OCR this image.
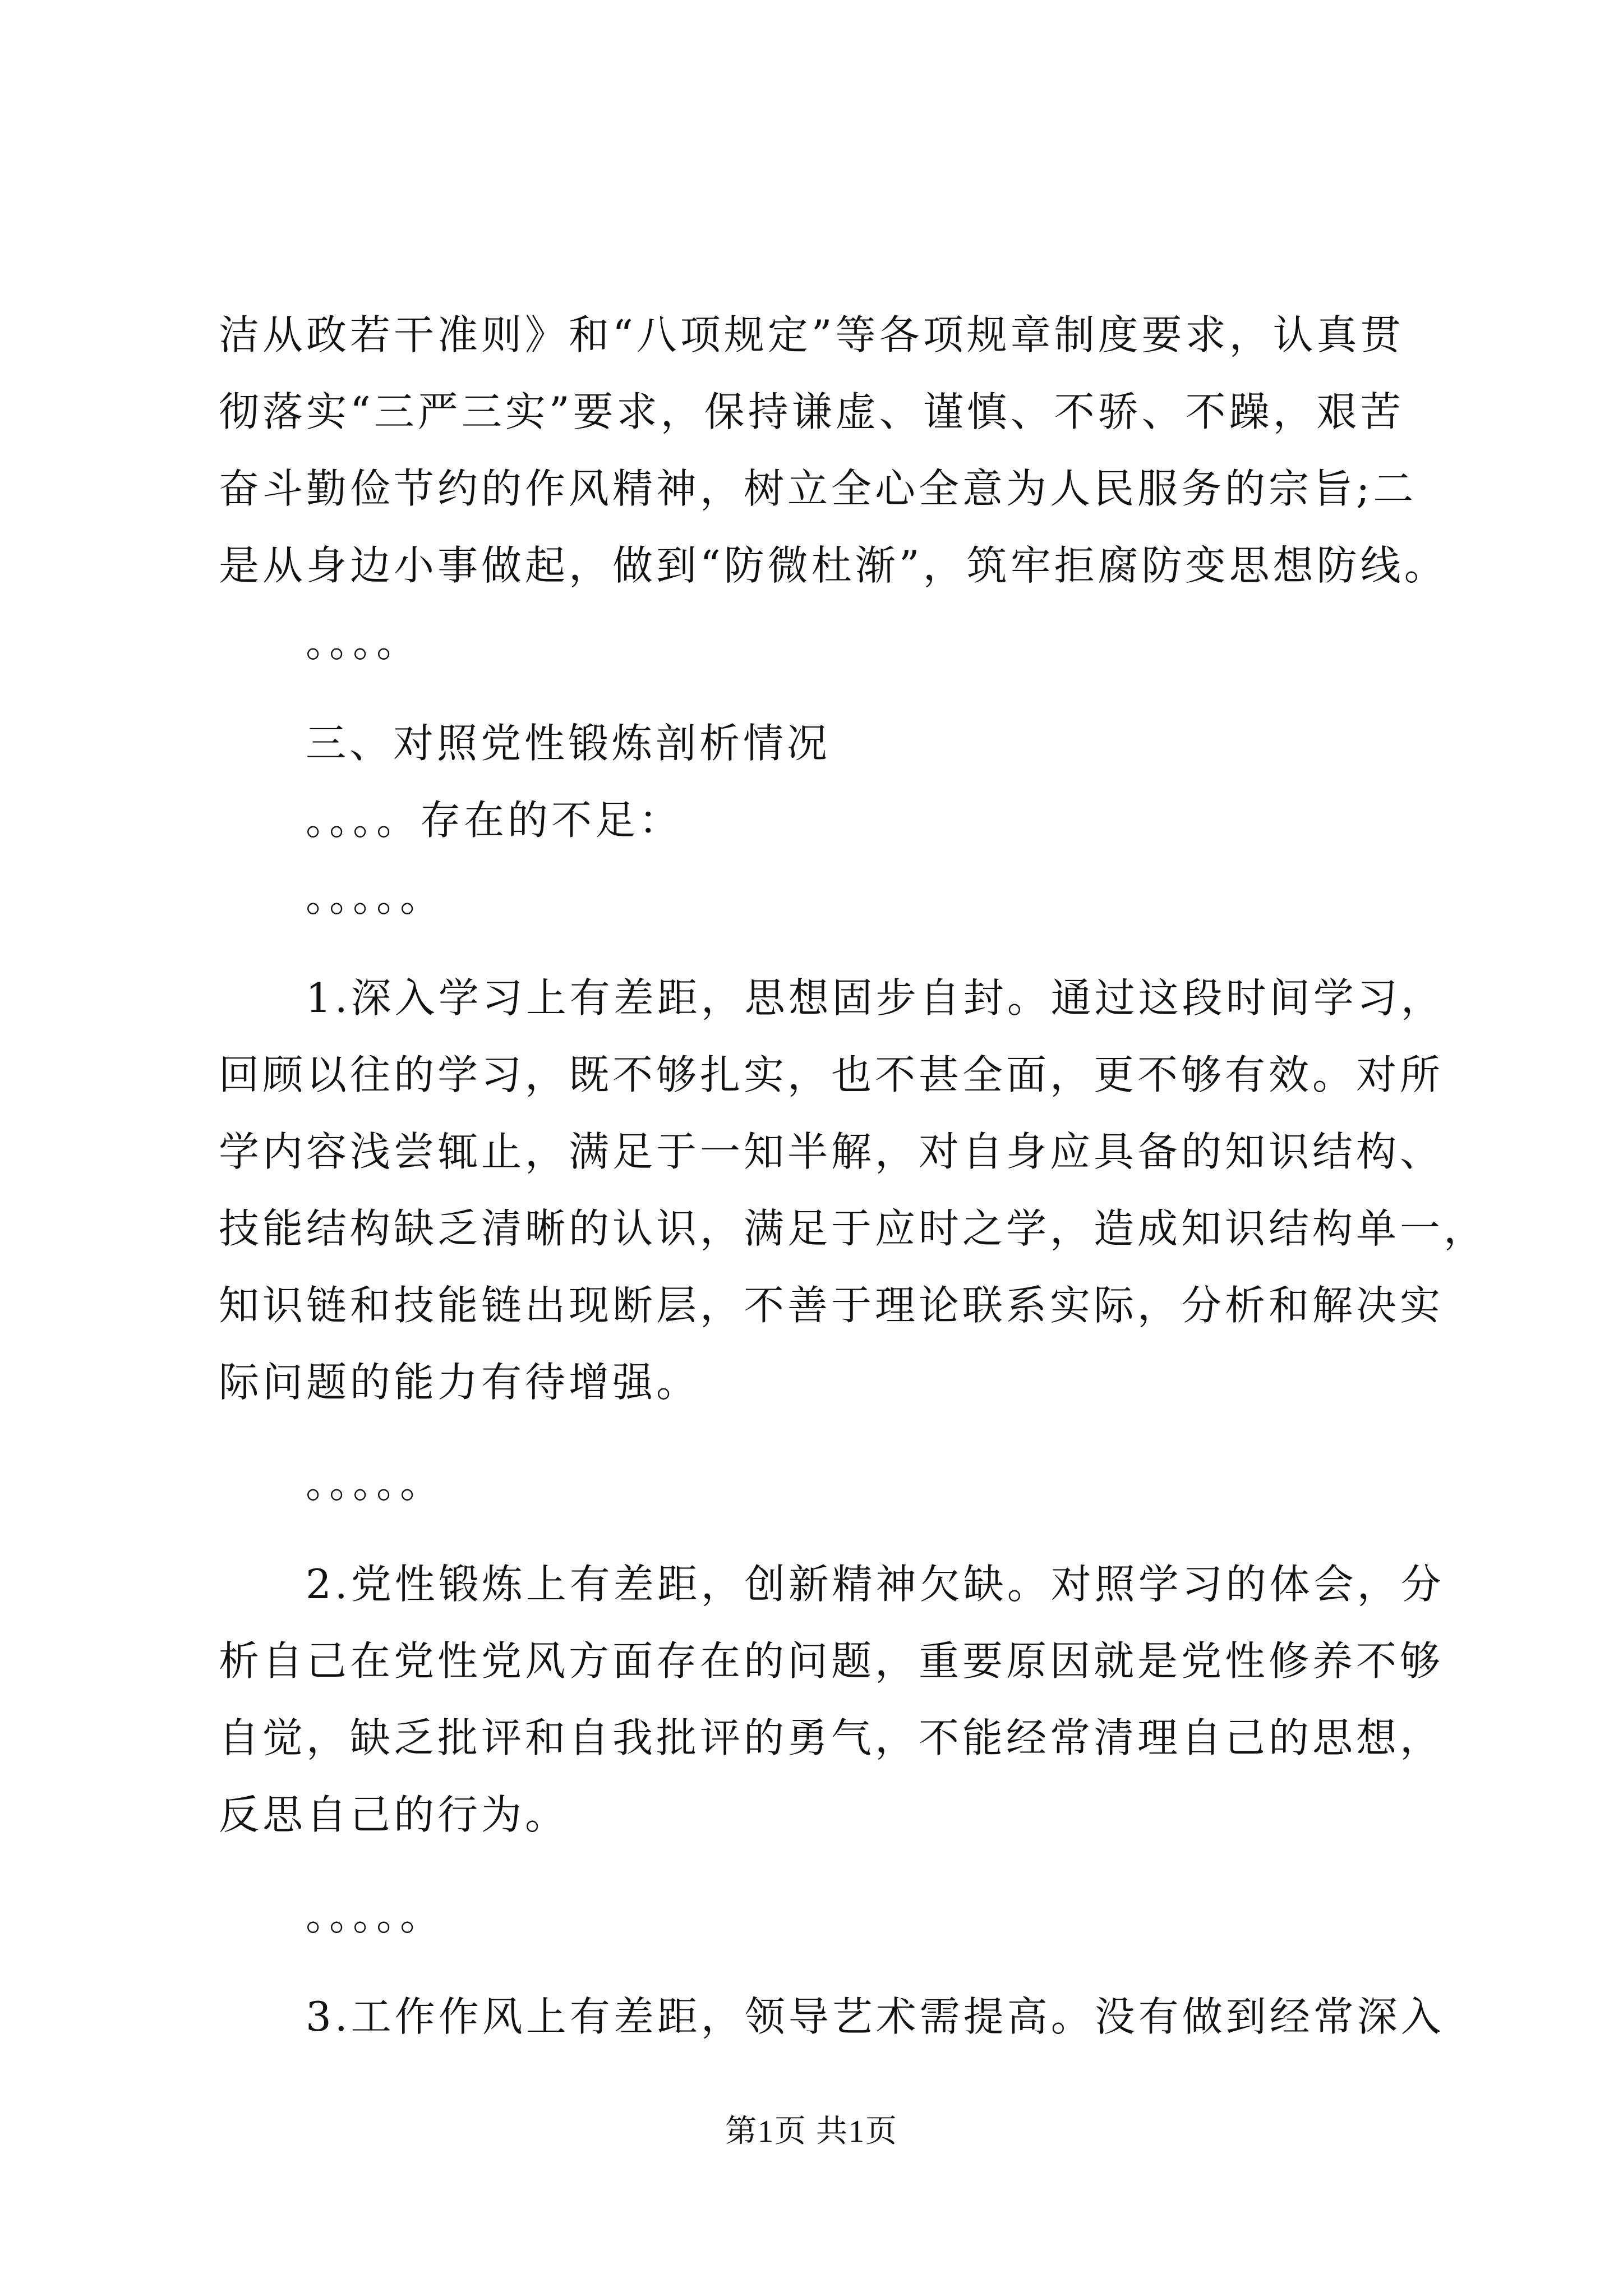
洁从政若干准则》和“八项规定”等各项规章制度要求，认真贯
彻落实“三严三实”要求，保持谦虚、谨慎、不骄、不躁，艰苦
奋斗勤俭节约的作风精神，树立全心全意为人民服务的宗旨;二
是从身边小事做起，做到“防微杜渐”，筑牢拒腐防变思想防线。
。。。。
三、对照党性锻炼剖析情况
。。。。存在的不足：
。。。。。
1.深入学习上有差距，思想固步自封。通过这段时间学习，
回顾以往的学习，既不够扎实，也不甚全面，更不够有效。对所
学内容浅尝辄止，满足于一知半解，对自身应具备的知识结构、
技能结构缺乏清晰的认识，满足于应时之学，造成知识结构单一，
知识链和技能链出现断层，不善于理论联系实际，分析和解决实
际问题的能力有待增强。
。。。。。
2.党性锻炼上有差距，创新精神欠缺。对照学习的体会，分
析自己在党性党风方面存在的问题，重要原因就是党性修养不够
自觉，缺乏批评和自我批评的勇气，不能经常清理自己的思想，
反思自己的行为。
。。。。。
3.工作作风上有差距，领导艺术需提高。没有做到经常深入
第1页 共1页
